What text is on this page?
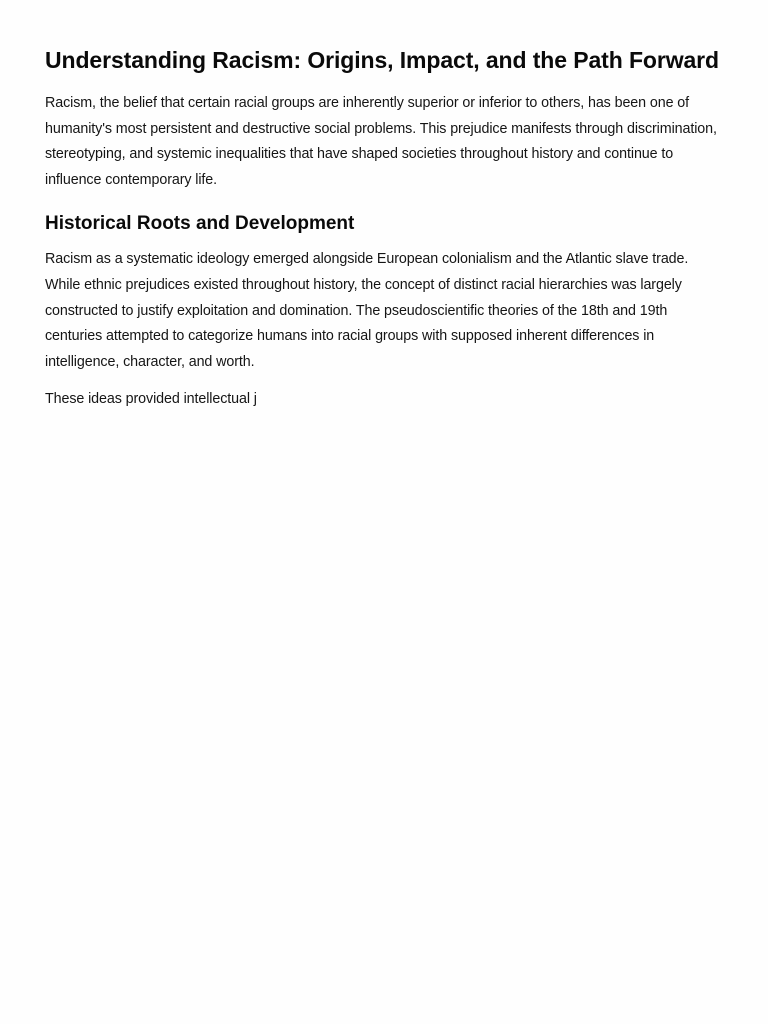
Understanding Racism: Origins, Impact, and the Path Forward

Racism, the belief that certain racial groups are inherently superior or inferior to others, has been one of humanity's most persistent and destructive social problems. This prejudice manifests through discrimination, stereotyping, and systemic inequalities that have shaped societies throughout history and continue to influence contemporary life.

Historical Roots and Development

Racism as a systematic ideology emerged alongside European colonialism and the Atlantic slave trade. While ethnic prejudices existed throughout history, the concept of distinct racial hierarchies was largely constructed to justify exploitation and domination. The pseudoscientific theories of the 18th and 19th centuries attempted to categorize humans into racial groups with supposed inherent differences in intelligence, character, and worth.

These ideas provided intellectual j
